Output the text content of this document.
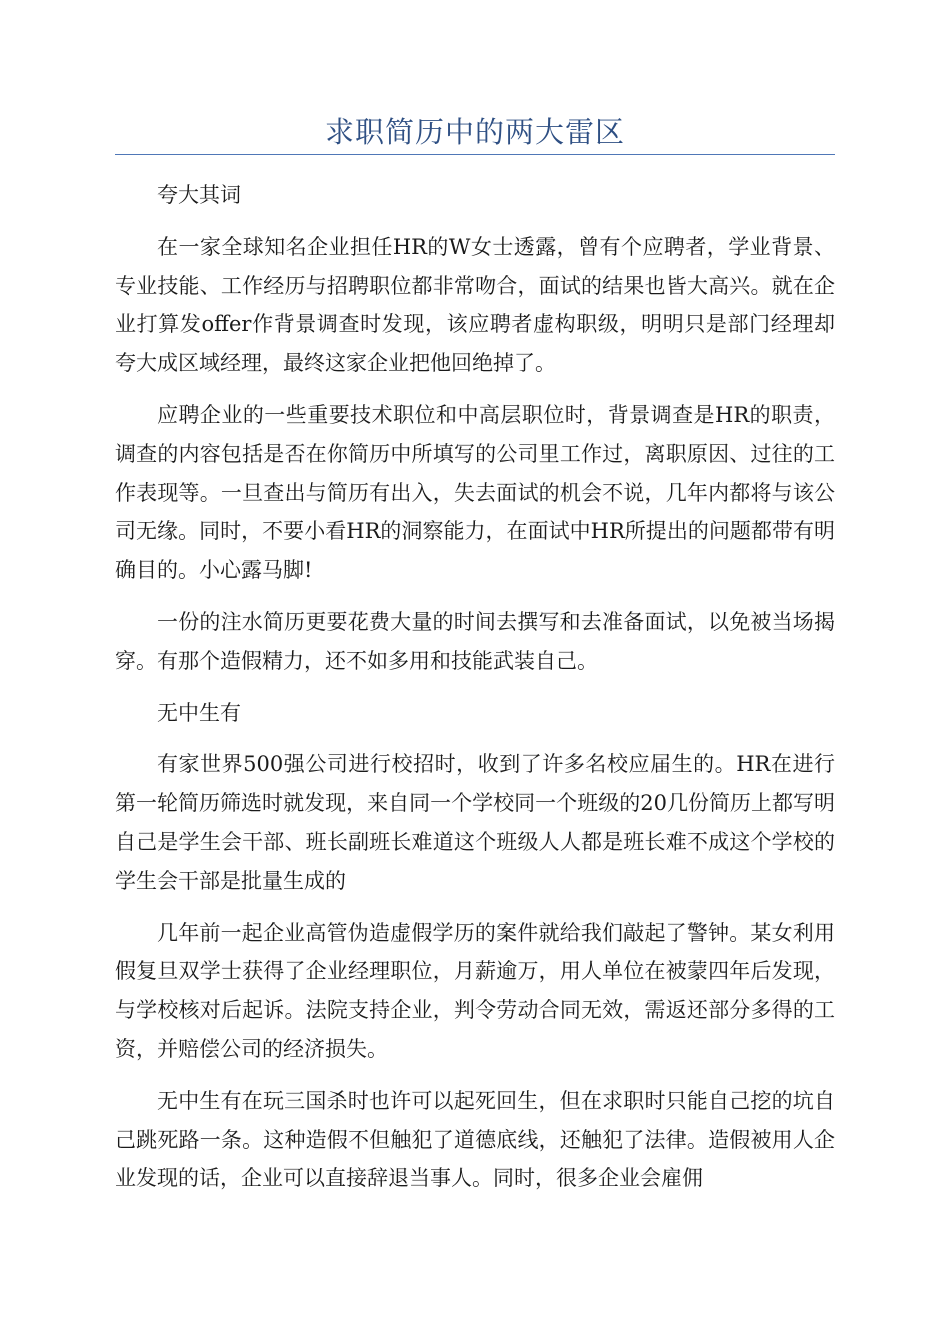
求职简历中的两大雷区

夸大其词

在一家全球知名企业担任HR的W女士透露，曾有个应聘者，学业背景、专业技能、工作经历与招聘职位都非常吻合，面试的结果也皆大高兴。就在企业打算发offer作背景调查时发现，该应聘者虚构职级，明明只是部门经理却夸大成区域经理，最终这家企业把他回绝掉了。

应聘企业的一些重要技术职位和中高层职位时，背景调查是HR的职责，调查的内容包括是否在你简历中所填写的公司里工作过，离职原因、过往的工作表现等。一旦查出与简历有出入，失去面试的机会不说，几年内都将与该公司无缘。同时，不要小看HR的洞察能力，在面试中HR所提出的问题都带有明确目的。小心露马脚!

一份的注水简历更要花费大量的时间去撰写和去准备面试，以免被当场揭穿。有那个造假精力，还不如多用和技能武装自己。

无中生有

有家世界500强公司进行校招时，收到了许多名校应届生的。HR在进行第一轮简历筛选时就发现，来自同一个学校同一个班级的20几份简历上都写明自己是学生会干部、班长副班长难道这个班级人人都是班长难不成这个学校的学生会干部是批量生成的

几年前一起企业高管伪造虚假学历的案件就给我们敲起了警钟。某女利用假复旦双学士获得了企业经理职位，月薪逾万，用人单位在被蒙四年后发现，与学校核对后起诉。法院支持企业，判令劳动合同无效，需返还部分多得的工资，并赔偿公司的经济损失。

无中生有在玩三国杀时也许可以起死回生，但在求职时只能自己挖的坑自己跳死路一条。这种造假不但触犯了道德底线，还触犯了法律。造假被用人企业发现的话，企业可以直接辞退当事人。同时，很多企业会雇佣
